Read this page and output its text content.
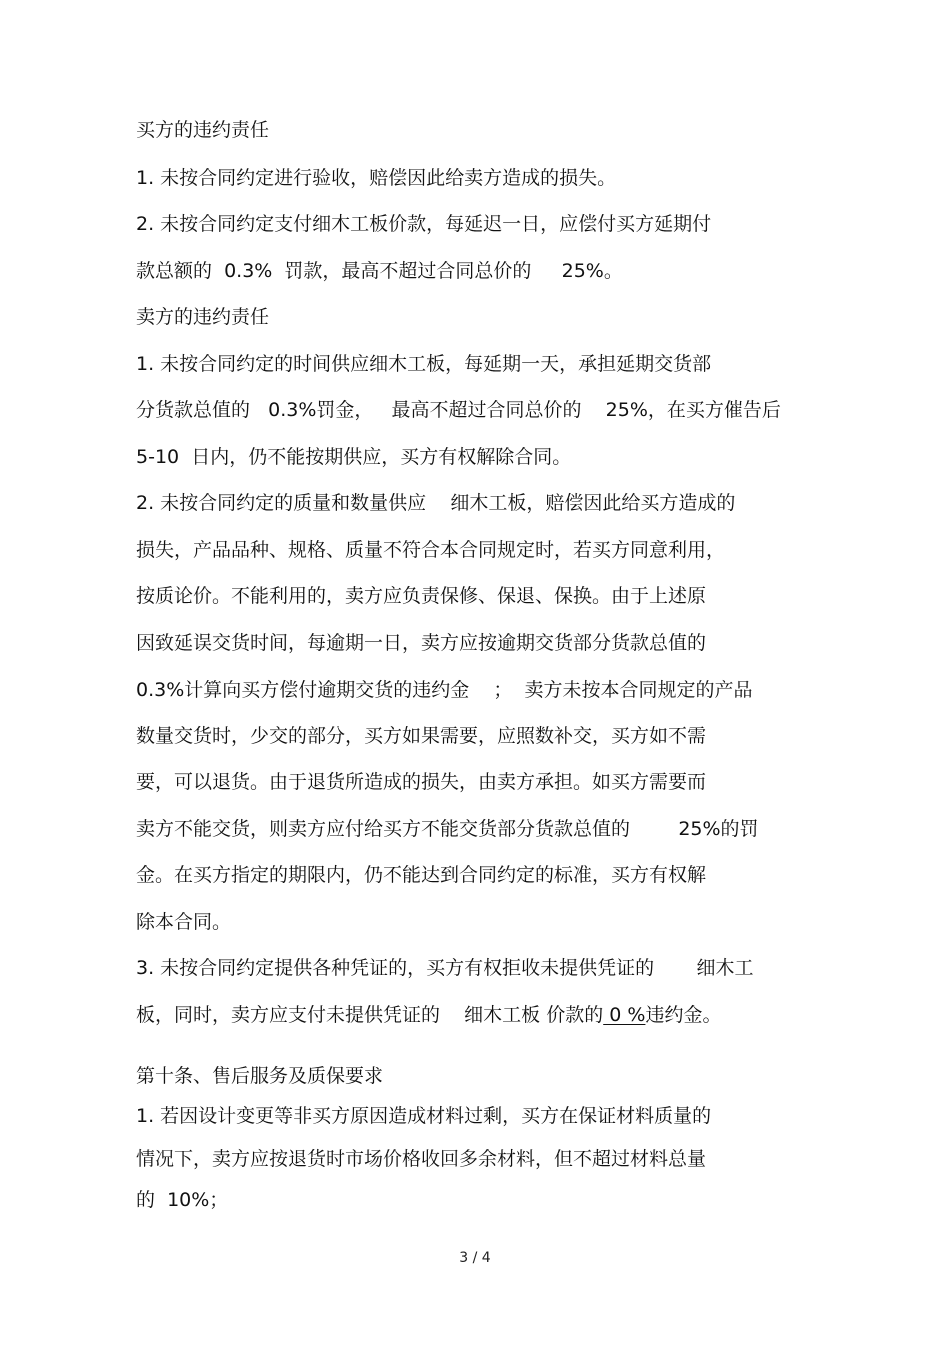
买方的违约责任
1. 未按合同约定进行验收，赔偿因此给卖方造成的损失。
2. 未按合同约定支付细木工板价款，每延迟一日，应偿付买方延期付
款总额的  0.3%  罚款，最高不超过合同总价的     25%。
卖方的违约责任
1. 未按合同约定的时间供应细木工板，每延期一天，承担延期交货部
分货款总值的   0.3%罚金，   最高不超过合同总价的    25%，在买方催告后
5-10  日内，仍不能按期供应，买方有权解除合同。
2. 未按合同约定的质量和数量供应    细木工板，赔偿因此给买方造成的
损失，产品品种、规格、质量不符合本合同规定时，若买方同意利用，
按质论价。不能利用的，卖方应负责保修、保退、保换。由于上述原
因致延误交货时间，每逾期一日，卖方应按逾期交货部分货款总值的
0.3%计算向买方偿付逾期交货的违约金    ；  卖方未按本合同规定的产品
数量交货时，少交的部分，买方如果需要，应照数补交，买方如不需
要，可以退货。由于退货所造成的损失，由卖方承担。如买方需要而
卖方不能交货，则卖方应付给买方不能交货部分货款总值的        25%的罚
金。在买方指定的期限内，仍不能达到合同约定的标准，买方有权解
除本合同。
3. 未按合同约定提供各种凭证的，买方有权拒收未提供凭证的       细木工
板，同时，卖方应支付未提供凭证的    细木工板 价款的 0 %违约金。
第十条、售后服务及质保要求
1. 若因设计变更等非买方原因造成材料过剩，买方在保证材料质量的
情况下，卖方应按退货时市场价格收回多余材料，但不超过材料总量
的  10%；
3 / 4
